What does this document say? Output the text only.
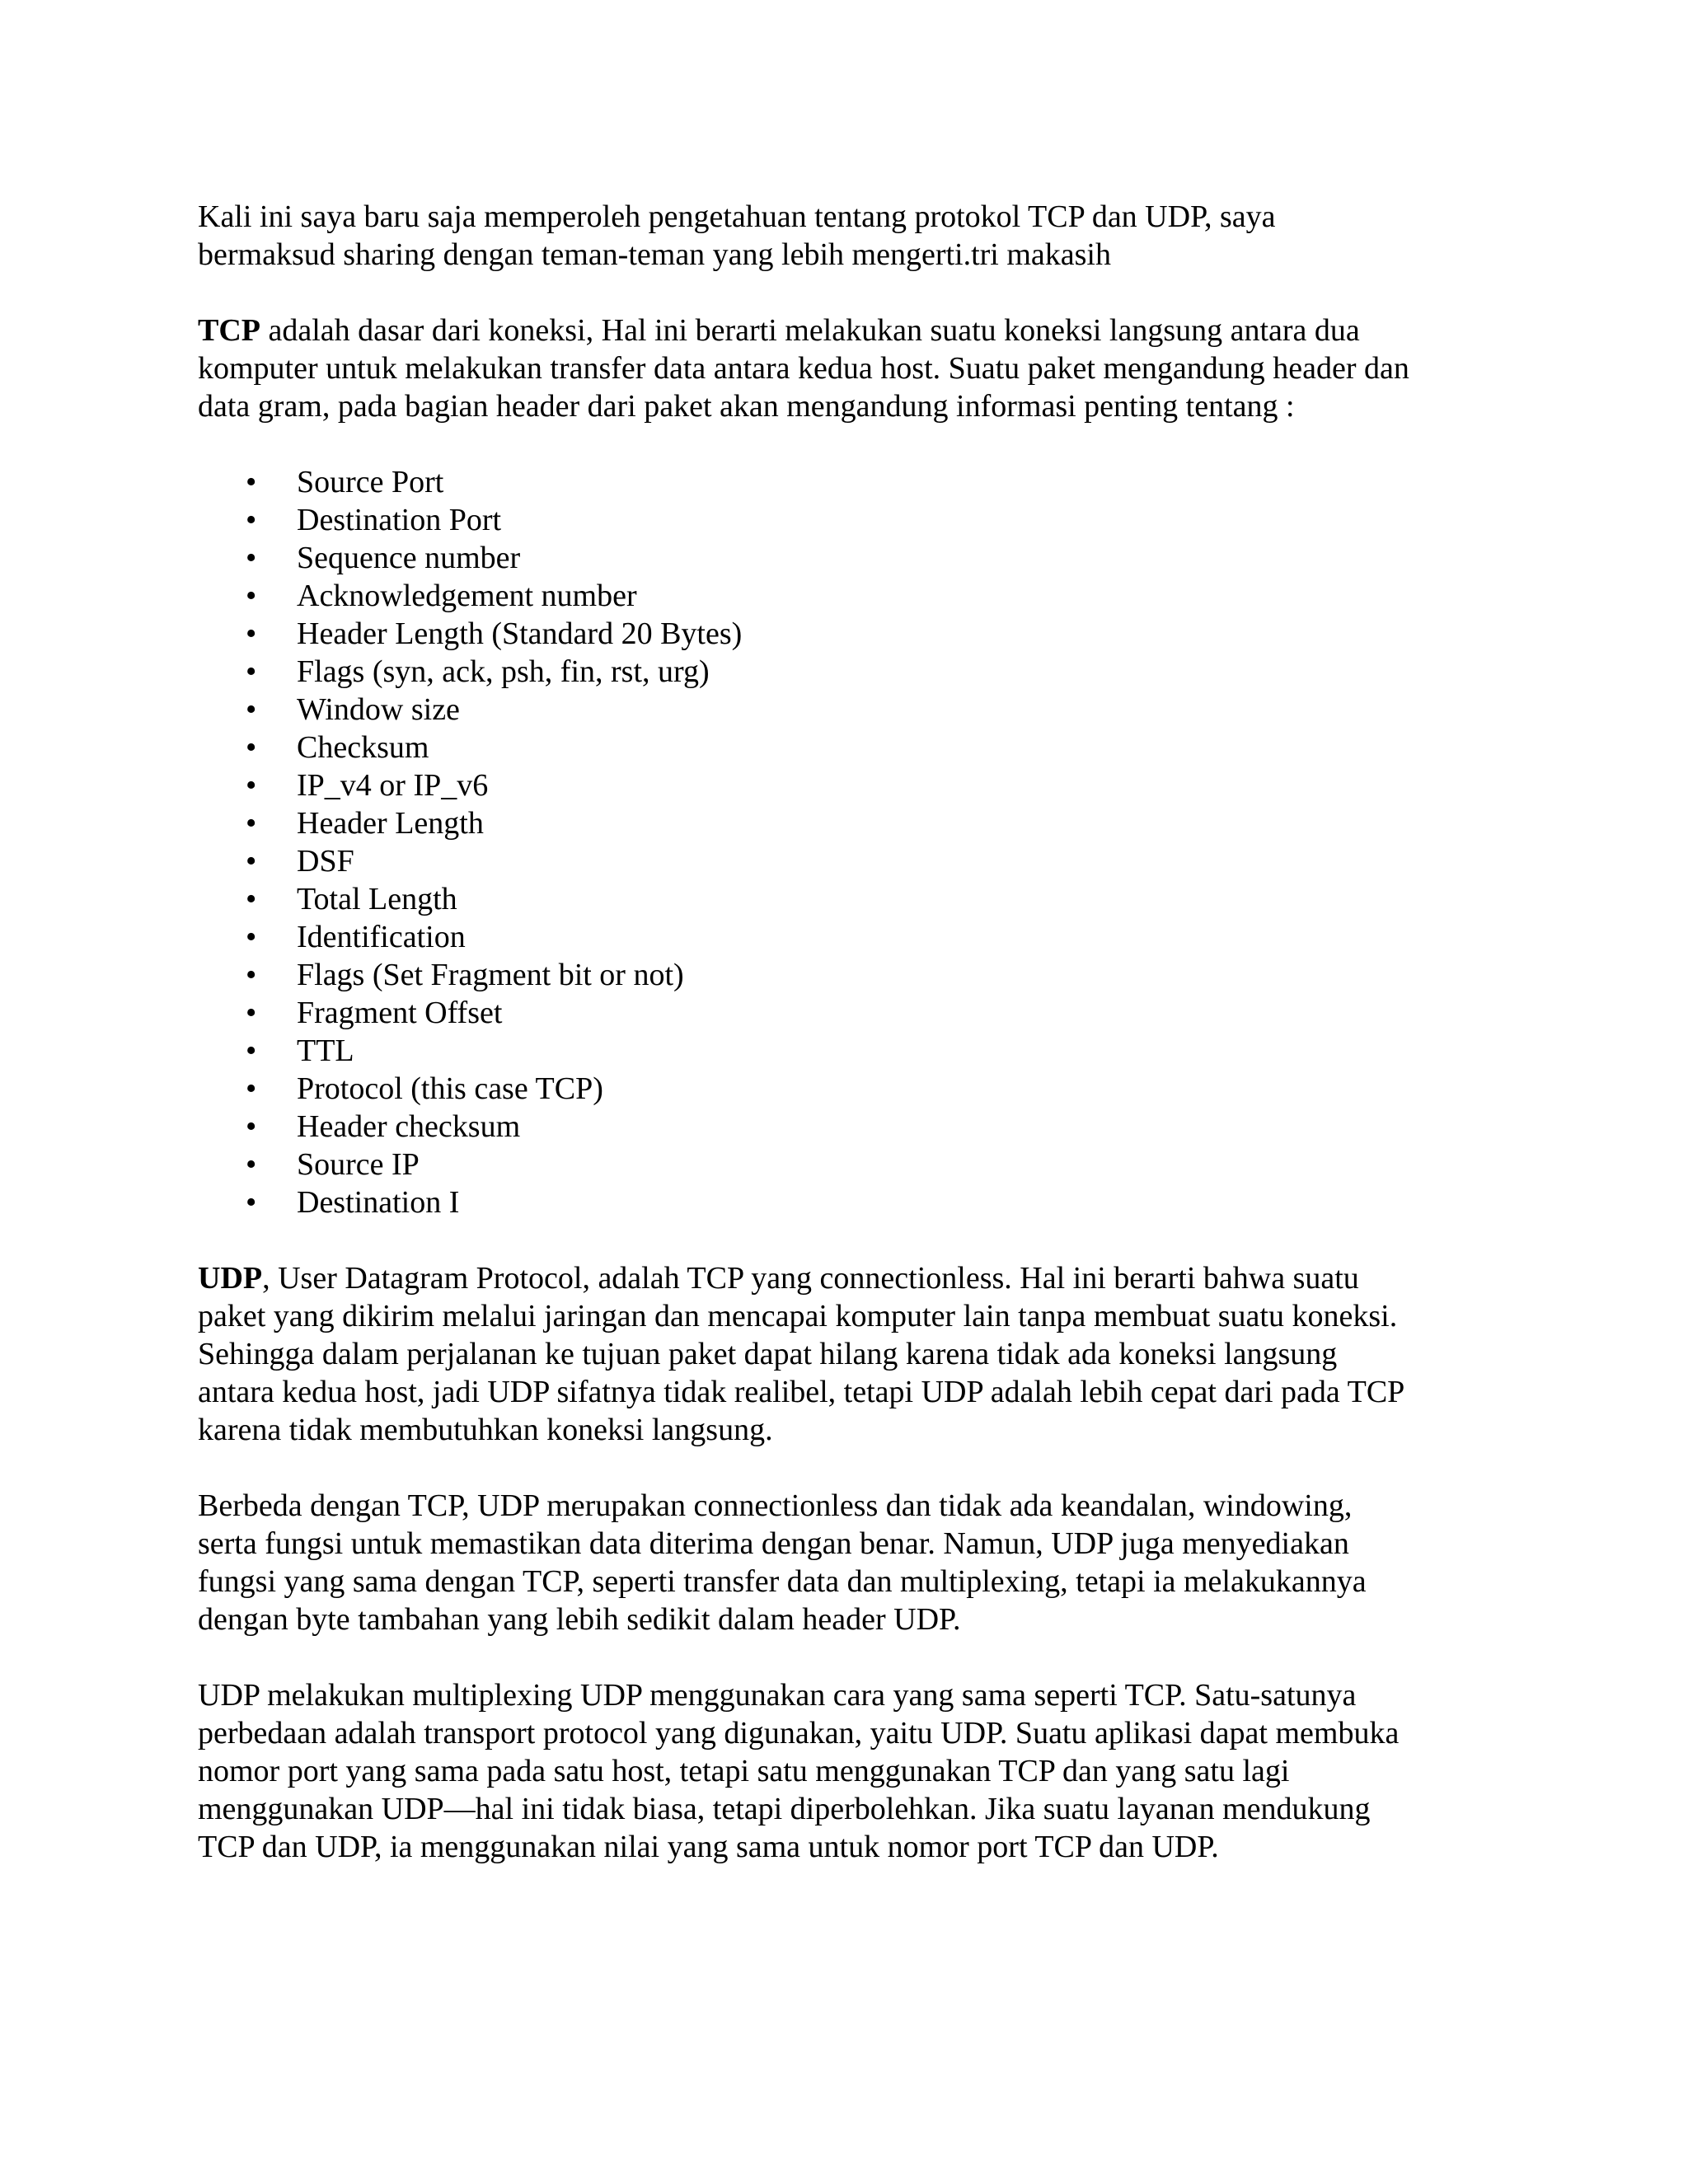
Kali ini saya baru saja memperoleh pengetahuan tentang protokol TCP dan UDP, saya
bermaksud sharing dengan teman-teman yang lebih mengerti.tri makasih

TCP adalah dasar dari koneksi, Hal ini berarti melakukan suatu koneksi langsung antara dua
komputer untuk melakukan transfer data antara kedua host. Suatu paket mengandung header dan
data gram, pada bagian header dari paket akan mengandung informasi penting tentang :

• Source Port
• Destination Port
• Sequence number
• Acknowledgement number
• Header Length (Standard 20 Bytes)
• Flags (syn, ack, psh, fin, rst, urg)
• Window size
• Checksum
• IP_v4 or IP_v6
• Header Length
• DSF
• Total Length
• Identification
• Flags (Set Fragment bit or not)
• Fragment Offset
• TTL
• Protocol (this case TCP)
• Header checksum
• Source IP
• Destination I

UDP, User Datagram Protocol, adalah TCP yang connectionless. Hal ini berarti bahwa suatu
paket yang dikirim melalui jaringan dan mencapai komputer lain tanpa membuat suatu koneksi.
Sehingga dalam perjalanan ke tujuan paket dapat hilang karena tidak ada koneksi langsung
antara kedua host, jadi UDP sifatnya tidak realibel, tetapi UDP adalah lebih cepat dari pada TCP
karena tidak membutuhkan koneksi langsung.

Berbeda dengan TCP, UDP merupakan connectionless dan tidak ada keandalan, windowing,
serta fungsi untuk memastikan data diterima dengan benar. Namun, UDP juga menyediakan
fungsi yang sama dengan TCP, seperti transfer data dan multiplexing, tetapi ia melakukannya
dengan byte tambahan yang lebih sedikit dalam header UDP.

UDP melakukan multiplexing UDP menggunakan cara yang sama seperti TCP. Satu-satunya
perbedaan adalah transport protocol yang digunakan, yaitu UDP. Suatu aplikasi dapat membuka
nomor port yang sama pada satu host, tetapi satu menggunakan TCP dan yang satu lagi
menggunakan UDP—hal ini tidak biasa, tetapi diperbolehkan. Jika suatu layanan mendukung
TCP dan UDP, ia menggunakan nilai yang sama untuk nomor port TCP dan UDP.
